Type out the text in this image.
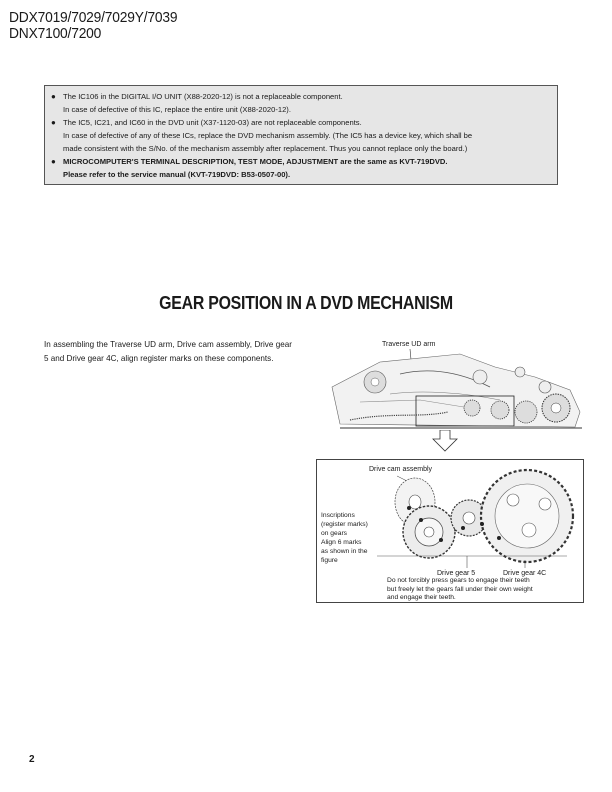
DDX7019/7029/7029Y/7039
DNX7100/7200
● The IC106 in the DIGITAL I/O UNIT (X88-2020-12) is not a replaceable component.
In case of defective of this IC, replace the entire unit (X88-2020-12).
● The IC5, IC21, and IC60 in the DVD unit (X37-1120-03) are not replaceable components.
In case of defective of any of these ICs, replace the DVD mechanism assembly. (The IC5 has a device key, which shall be
made consistent with the S/No. of the mechanism assembly after replacement. Thus you cannot replace only the board.)
● MICROCOMPUTER'S TERMINAL DESCRIPTION, TEST MODE, ADJUSTMENT are the same as KVT-719DVD.
Please refer to the service manual (KVT-719DVD: B53-0507-00).
GEAR POSITION IN A DVD MECHANISM
In assembling the Traverse UD arm, Drive cam assembly, Drive gear 5 and Drive gear 4C, align register marks on these components.
Traverse UD arm
Drive cam assembly
Inscriptions
(register marks)
on gears
Align 6 marks
as shown in the
figure
Drive gear 5	Drive gear 4C
Do not forcibly press gears to engage their teeth
but freely let the gears fall under their own weight
and engage their teeth.
2
